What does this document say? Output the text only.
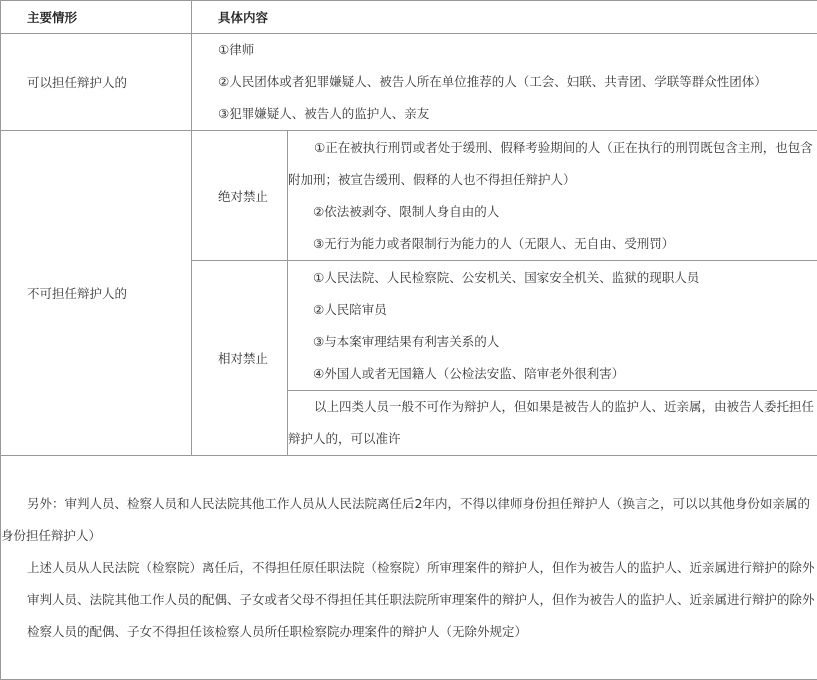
主要情形	具体内容	
可以担任辩护人的	①律师
②人民团体或者犯罪嫌疑人、被告人所在单位推荐的人（工会、妇联、共青团、学联等群众性团体）
③犯罪嫌疑人、被告人的监护人、亲友	

不可担任辩护人的	绝对禁止	①正在被执行刑罚或者处于缓刑、假释考验期间的人（正在执行的刑罚既包含主刑，也包含附加刑；被宣告缓刑、假释的人也不得担任辩护人）
②依法被剥夺、限制人身自由的人
③无行为能力或者限制行为能力的人（无限人、无自由、受刑罚）

	相对禁止	①人民法院、人民检察院、公安机关、国家安全机关、监狱的现职人员
②人民陪审员
③与本案审理结果有利害关系的人
④外国人或者无国籍人（公检法安监、陪审老外很利害）

		以上四类人员一般不可作为辩护人，但如果是被告人的监护人、近亲属，由被告人委托担任辩护人的，可以准许

另外：审判人员、检察人员和人民法院其他工作人员从人民法院离任后2年内，不得以律师身份担任辩护人（换言之，可以以其他身份如亲属的身份担任辩护人）

上述人员从人民法院（检察院）离任后，不得担任原任职法院（检察院）所审理案件的辩护人，但作为被告人的监护人、近亲属进行辩护的除外

审判人员、法院其他工作人员的配偶、子女或者父母不得担任其任职法院所审理案件的辩护人，但作为被告人的监护人、近亲属进行辩护的除外

检察人员的配偶、子女不得担任该检察人员所任职检察院办理案件的辩护人（无除外规定）		
